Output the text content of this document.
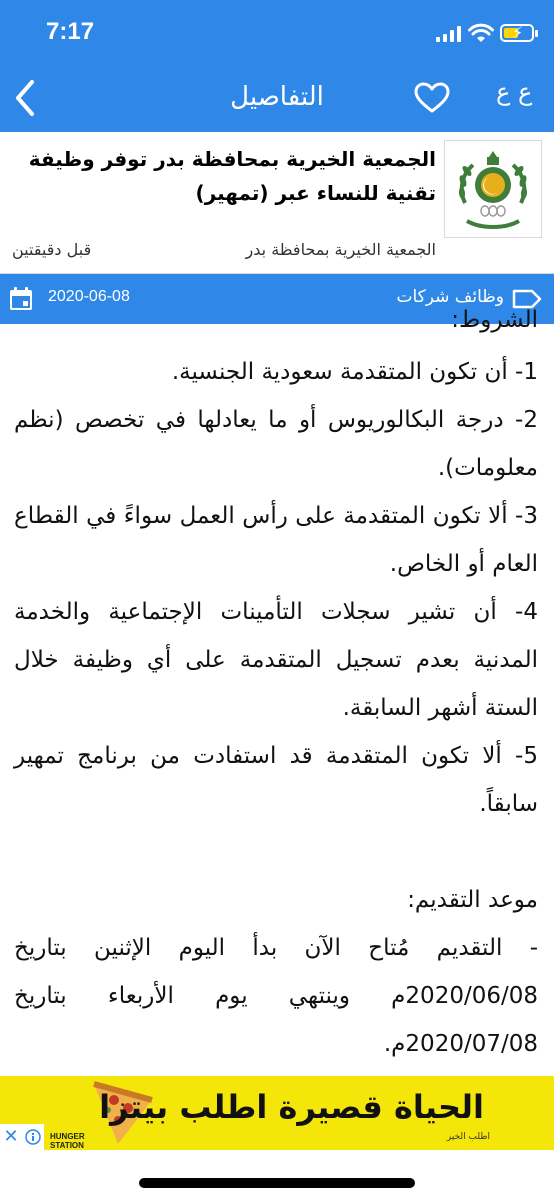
7:17	⚡
التفاصيل	ع ع
الجمعية الخيرية بمحافظة بدر توفر وظيفة تقنية للنساء عبر (تمهير)
الجمعية الخيرية بمحافظة بدر
قبل دقيقتين
2020-06-08	وظائف شركات

الشروط:

1- أن تكون المتقدمة سعودية الجنسية.

2- درجة البكالوريوس أو ما يعادلها في تخصص (نظم معلومات).

3- ألا تكون المتقدمة على رأس العمل سواءً في القطاع العام أو الخاص.

4- أن تشير سجلات التأمينات الإجتماعية والخدمة المدنية بعدم تسجيل المتقدمة على أي وظيفة خلال الستة أشهر السابقة.

5- ألا تكون المتقدمة قد استفادت من برنامج تمهير سابقاً.

موعد التقديم:

- التقديم مُتاح الآن بدأ اليوم الإثنين بتاريخ 2020/06/08م وينتهي يوم الأربعاء بتاريخ 2020/07/08م.

✕	HUNGER
STATION
الحياة قصيرة اطلب بيتزا
اطلب الخير
